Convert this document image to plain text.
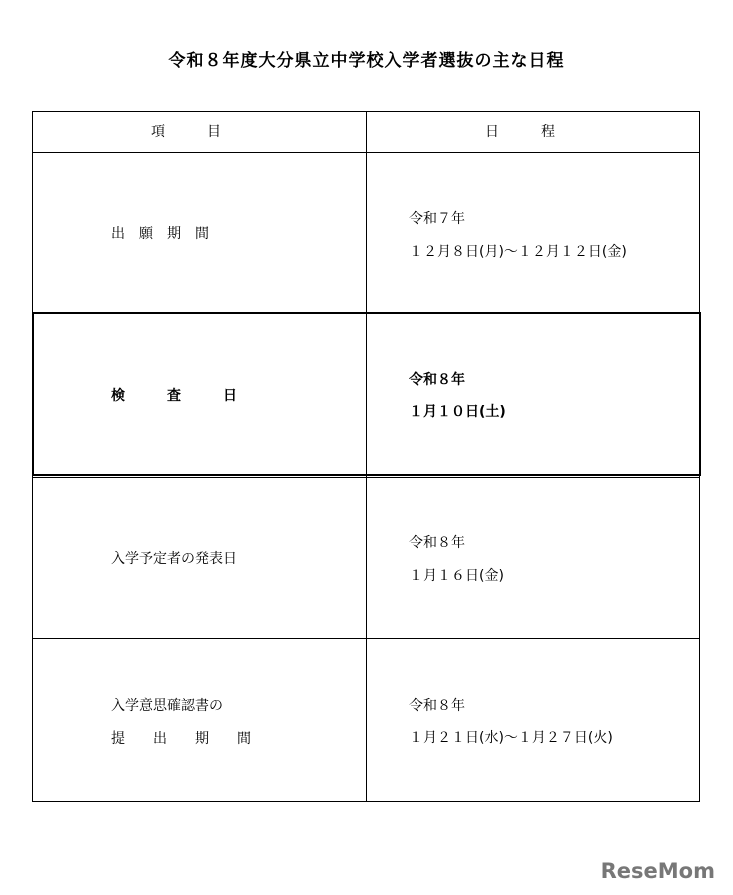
令和８年度大分県立中学校入学者選抜の主な日程
項　　　目	日　　　程
出　願　期　間
令和７年
１２月８日(月)～１２月１２日(金)
検　　　査　　　日
令和８年
１月１０日(土)
入学予定者の発表日
令和８年
１月１６日(金)
入学意思確認書の
提　　出　　期　　間
令和８年
１月２１日(水)～１月２７日(火)
ReseMom
